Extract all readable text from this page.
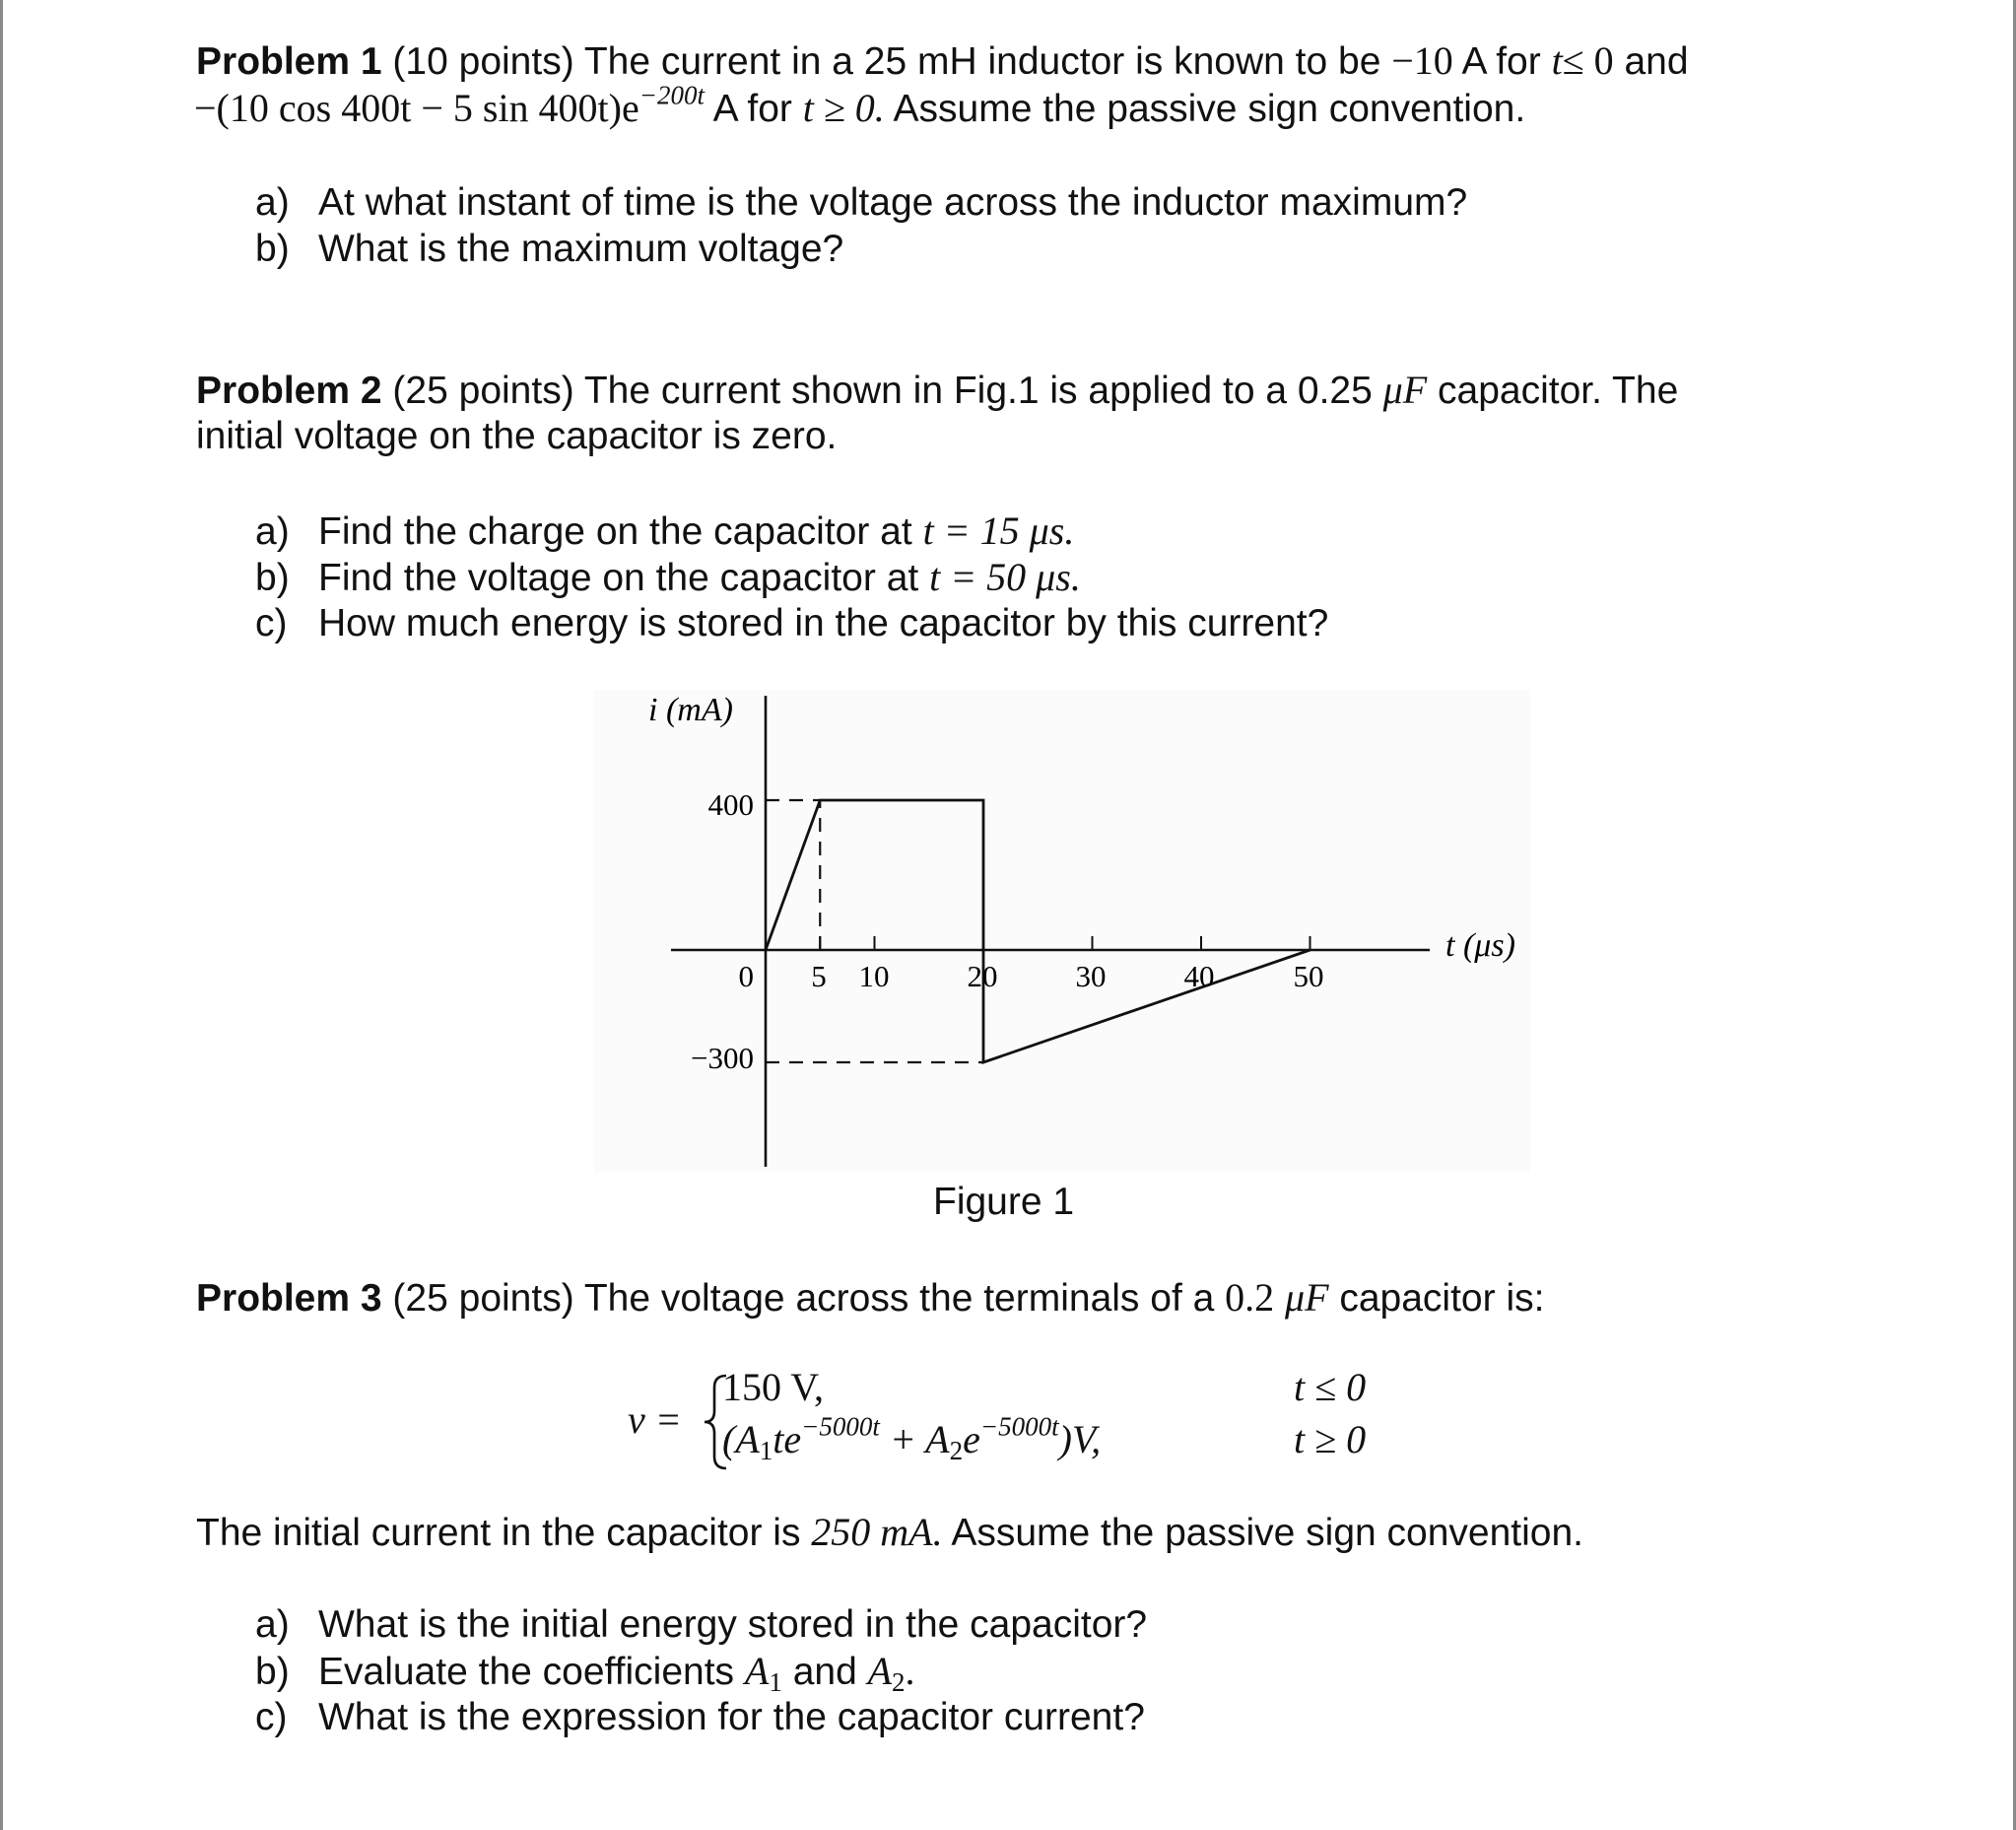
Problem 1 (10 points) The current in a 25 mH inductor is known to be −10 A for t≤ 0 and
−(10 cos 400t − 5 $\sin 400t)e^{-200t}$ A for t ≥ 0. Assume the passive sign convention.
a) At what instant of time is the voltage across the inductor maximum?
b) What is the maximum voltage?
Problem 2 (25 points) The current shown in Fig.1 is applied to a 0.25 μF capacitor. The
initial voltage on the capacitor is zero.
a) Find the charge on the capacitor at t = 15 μs.
b) Find the voltage on the capacitor at t = 50 μs.
c) How much energy is stored in the capacitor by this current?
i (mA)
t (μs)
400
0
−300
5 10	20	30	40	50
Figure 1
Problem 3 (25 points) The voltage across the terminals of a 0.2 μF capacitor is:
v =
150 V,	t ≤ 0
$(A_1te^{-5000t} + A_2e^{-5000t})V$,	t ≥ 0
The initial current in the capacitor is 250 mA. Assume the passive sign convention.
a) What is the initial energy stored in the capacitor?
b) Evaluate the coefficients $A_1$ and $A_2$.
c) What is the expression for the capacitor current?
